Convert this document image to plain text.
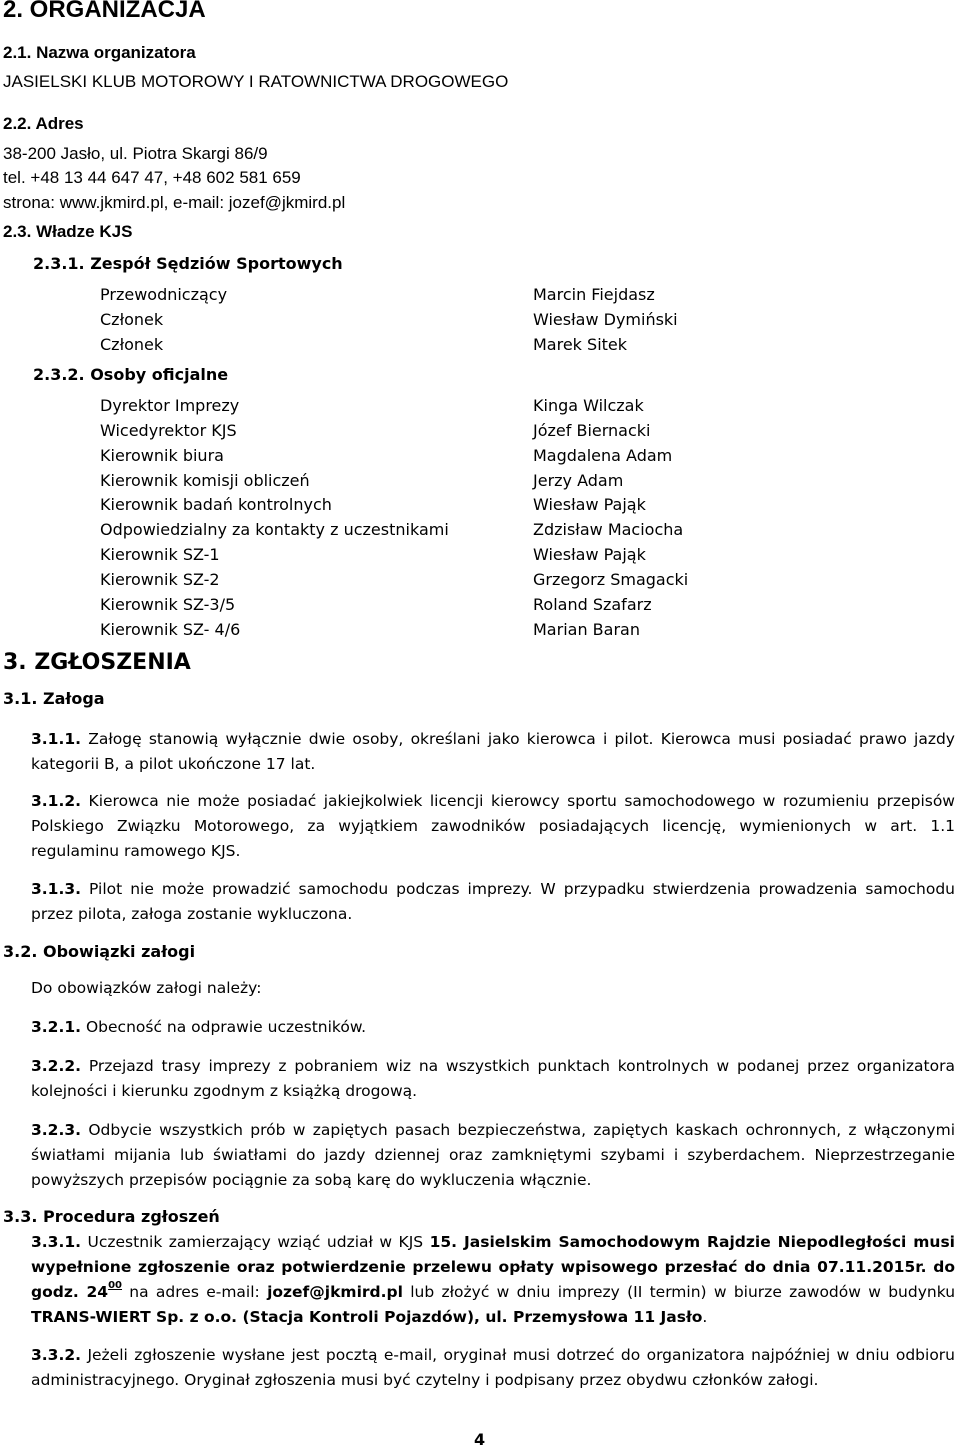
2. ORGANIZACJA
2.1. Nazwa organizatora
JASIELSKI KLUB MOTOROWY I RATOWNICTWA DROGOWEGO
2.2. Adres
38-200 Jasło, ul. Piotra Skargi 86/9
tel. +48 13 44 647 47, +48 602 581 659
strona: www.jkmird.pl, e-mail: jozef@jkmird.pl
2.3. Władze KJS
2.3.1. Zespół Sędziów Sportowych
Przewodniczący	Marcin Fiejdasz
Członek	Wiesław Dymiński
Członek	Marek Sitek
2.3.2. Osoby oficjalne
Dyrektor Imprezy	Kinga Wilczak
Wicedyrektor KJS	Józef Biernacki
Kierownik biura	Magdalena Adam
Kierownik komisji obliczeń	Jerzy Adam
Kierownik badań kontrolnych	Wiesław Pająk
Odpowiedzialny za kontakty z uczestnikami	Zdzisław Maciocha
Kierownik SZ-1	Wiesław Pająk
Kierownik SZ-2	Grzegorz Smagacki
Kierownik SZ-3/5	Roland Szafarz
Kierownik SZ- 4/6	Marian Baran
3. ZGŁOSZENIA
3.1. Załoga
3.1.1. Załogę stanowią wyłącznie dwie osoby, określani jako kierowca i pilot. Kierowca musi posiadać prawo jazdy kategorii B, a pilot ukończone 17 lat.
3.1.2. Kierowca nie może posiadać jakiejkolwiek licencji kierowcy sportu samochodowego w rozumieniu przepisów Polskiego Związku Motorowego, za wyjątkiem zawodników posiadających licencję, wymienionych w art. 1.1 regulaminu ramowego KJS.
3.1.3. Pilot nie może prowadzić samochodu podczas imprezy. W przypadku stwierdzenia prowadzenia samochodu przez pilota, załoga zostanie wykluczona.
3.2. Obowiązki załogi
Do obowiązków załogi należy:
3.2.1. Obecność na odprawie uczestników.
3.2.2. Przejazd trasy imprezy z pobraniem wiz na wszystkich punktach kontrolnych w podanej przez organizatora kolejności i kierunku zgodnym z książką drogową.
3.2.3. Odbycie wszystkich prób w zapiętych pasach bezpieczeństwa, zapiętych kaskach ochronnych, z włączonymi światłami mijania lub światłami do jazdy dziennej oraz zamkniętymi szybami i szyberdachem. Nieprzestrzeganie powyższych przepisów pociągnie za sobą karę do wykluczenia włącznie.
3.3. Procedura zgłoszeń
3.3.1. Uczestnik zamierzający wziąć udział w KJS 15. Jasielskim Samochodowym Rajdzie Niepodległości musi wypełnione zgłoszenie oraz potwierdzenie przelewu opłaty wpisowego przesłać do dnia 07.11.2015r. do godz. $24^{00}$ na adres e-mail: jozef@jkmird.pl lub złożyć w dniu imprezy (II termin) w biurze zawodów w budynku TRANS-WIERT Sp. z o.o. (Stacja Kontroli Pojazdów), ul. Przemysłowa 11 Jasło.
3.3.2. Jeżeli zgłoszenie wysłane jest pocztą e-mail, oryginał musi dotrzeć do organizatora najpóźniej w dniu odbioru administracyjnego. Oryginał zgłoszenia musi być czytelny i podpisany przez obydwu członków załogi.
4
